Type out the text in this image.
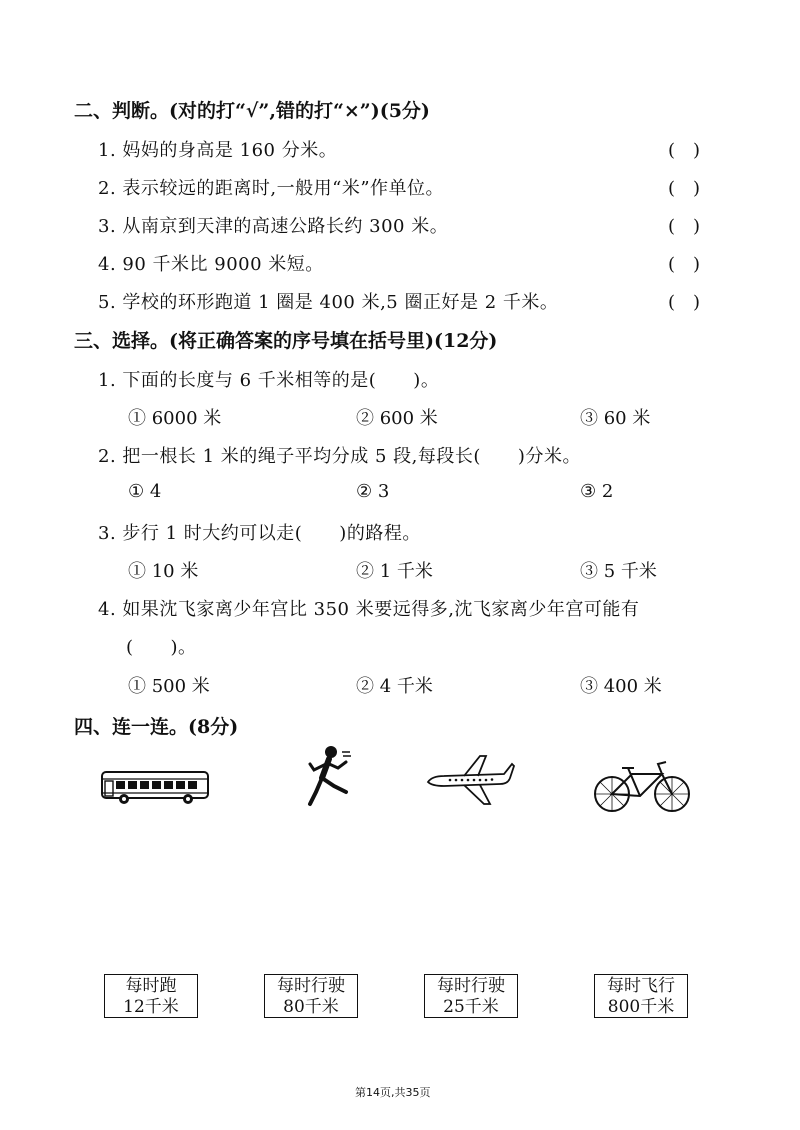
二、判断。(对的打“√”,错的打“×”)(5分)
1. 妈妈的身高是 160 分米。	(　)
2. 表示较远的距离时,一般用“米”作单位。	(　)
3. 从南京到天津的高速公路长约 300 米。	(　)
4. 90 千米比 9000 米短。	(　)
5. 学校的环形跑道 1 圈是 400 米,5 圈正好是 2 千米。	(　)
三、选择。(将正确答案的序号填在括号里)(12分)
1. 下面的长度与 6 千米相等的是(　　)。
① 6000 米	② 600 米	③ 60 米
2. 把一根长 1 米的绳子平均分成 5 段,每段长(　　)分米。
① 4	② 3	③ 2
3. 步行 1 时大约可以走(　　)的路程。
① 10 米	② 1 千米	③ 5 千米
4. 如果沈飞家离少年宫比 350 米要远得多,沈飞家离少年宫可能有
(　　)。
① 500 米	② 4 千米	③ 400 米
四、连一连。(8分)
每时跑
12千米
每时行驶
80千米
每时行驶
25千米
每时飞行
800千米
第14页,共35页
